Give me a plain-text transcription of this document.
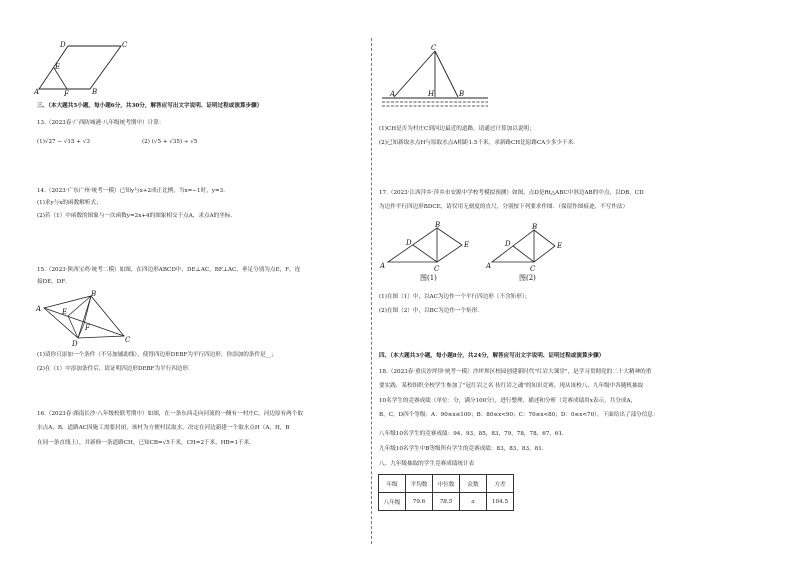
D	C
A	B
E
F
三、（本大题共5小题，每小题6分，共30分，解答应写出文字说明、证明过程或演算步骤）
13.（2023春·广西防城港·八年级统考期中）计算：
(1)√27 − √15 + √3	(2) (√5 + √35) ÷ √5
14.（2023·广东广州·统考一模）已知y与x+2成正比例，当x=−1时，y=3．
(1)求y与x的函数解析式；
(2)若（1）中函数的图象与一次函数y=2x+4的图象相交于点A，求点A的坐标．
15.（2023·陕西宝鸡·统考二模）如图，在四边形ABCD中，DE⊥AC，BF⊥AC，垂足分别为点E，F，连
接DE，DF．
A
B
C
D
E
F
(1)请你只添加一个条件（不另加辅助线），使得四边形DEBF为平行四边形，你添加的条件是__；
(2)在（1）中添加条件后，请证明四边形DEBF为平行四边形．
16.（2023春·湖南长沙·八年级校联考期中）如图，在一条东西走向河流的一侧有一村庄C，河边原有两个取
水点A，B，道路AC因施工需要封闭，该村为方便村民取水，决定在河边新建一个取水点H（A，H，B
在同一条直线上），并新修一条道路CH，已知CB=√5千米，CH=2千米，HB=1千米．
C
A	H	B
(1)CH是否为村庄C到河边最近的道路，请通过计算加以说明；
(2)已知新取水点H与原取水点A相距1.5千米，求新路CH比原路CA少多少千米．
17.（2023·江西萍乡·萍乡市安源中学校考模拟预测）如图，点D是Rt△ABC中斜边AB的中点，以DB，CD
为边作平行四边形BDCE，请仅用无刻度的直尺，分别按下列要求作图．（保留作图痕迹，不写作法）
A
B
C
D	E
图(1)
A
B
C
D	E
图(2)
(1)在图（1）中，以AC为边作一个平行四边形（不含矩形）；
(2)在图（2）中，以BC为边作一个矩形．
四、（本大题共3小题，每小题8分，共24分，解答应写出文字说明、证明过程或演算步骤）
18.（2023春·重庆沙坪坝·统考一模）沙坪坝区校园创建新时代"红岩大课堂"，是学习贯彻党的二十大精神的重
要实践．某校组织全校学生参加了"冠红岩之名 传红岩之魂"的知识竞赛，现从该校八、九年级中各随机抽取
10名学生的竞赛成绩（单位：分，满分100分），进行整理、描述和分析（竞赛成绩用x表示，共分成A，
B，C，D四个等级：A：90≤x≤100；B：80≤x<90；C：70≤x<80；D：0≤x<70），下面给出了部分信息：
八年级10名学生的竞赛成绩：94，93，85，83，79，78，78，67，61．
九年级10名学生中B等级所有学生的竞赛成绩：83，83，83，81．
八、九年级抽取的学生竞赛成绩统计表
年级	平均数	中位数	众数	方差
八年级	79.6	78.5	a	104.5
